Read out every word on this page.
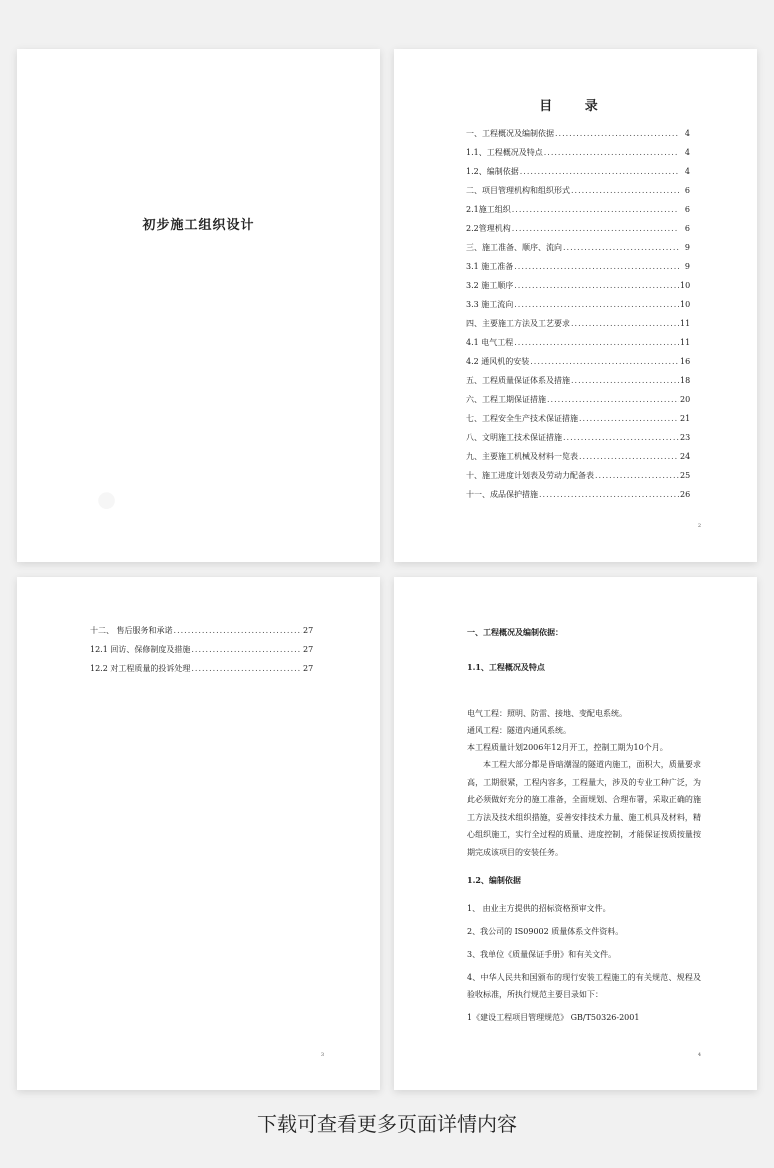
初步施工组织设计
目 录
一、工程概况及编制依据 .....	4
1.1、工程概况及特点 .....	4
1.2、编制依据 .....	4
二、项目管理机构和组织形式 .....	6
2.1施工组织 .....	6
2.2管理机构 .....	6
三、施工准备、顺序、流向 .....	9
3.1 施工准备 .....	9
3.2 施工顺序 .....	10
3.3 施工流向 .....	10
四、主要施工方法及工艺要求 .....	11
4.1 电气工程 .....	11
4.2 通风机的安装 .....	16
五、工程质量保证体系及措施 .....	18
六、工程工期保证措施 .....	20
七、工程安全生产技术保证措施 .....	21
八、文明施工技术保证措施 .....	23
九、主要施工机械及材料一览表 .....	24
十、施工进度计划表及劳动力配备表 .....	25
十一、成品保护措施 .....	26
2
十二、 售后服务和承诺 .....	27
12.1 回访、保修制度及措施 .....	27
12.2 对工程质量的投诉处理 .....	27
3
一、工程概况及编制依据：
1.1、工程概况及特点
电气工程：照明、防雷、接地、变配电系统。
通风工程：隧道内通风系统。
本工程质量计划2006年12月开工，控制工期为10个月。
本工程大部分都是昏暗潮湿的隧道内施工，面积大，质量要求高，工期很紧，工程内容多，工程量大，涉及的专业工种广泛，为此必须做好充分的施工准备，全面规划、合理布署，采取正确的施工方法及技术组织措施，妥善安排技术力量、施工机具及材料，精心组织施工，实行全过程的质量、进度控制，才能保证按质按量按期完成该项目的安装任务。
1.2、编制依据
1、 由业主方提供的招标资格预审文件。
2、我公司的 IS09002 质量体系文件资料。
3、我单位《质量保证手册》和有关文件。
4、中华人民共和国颁布的现行安装工程施工的有关规范、规程及验收标准，所执行规范主要目录如下：
1《建设工程项目管理规范》 GB/T50326-2001
4
下载可查看更多页面详情内容
